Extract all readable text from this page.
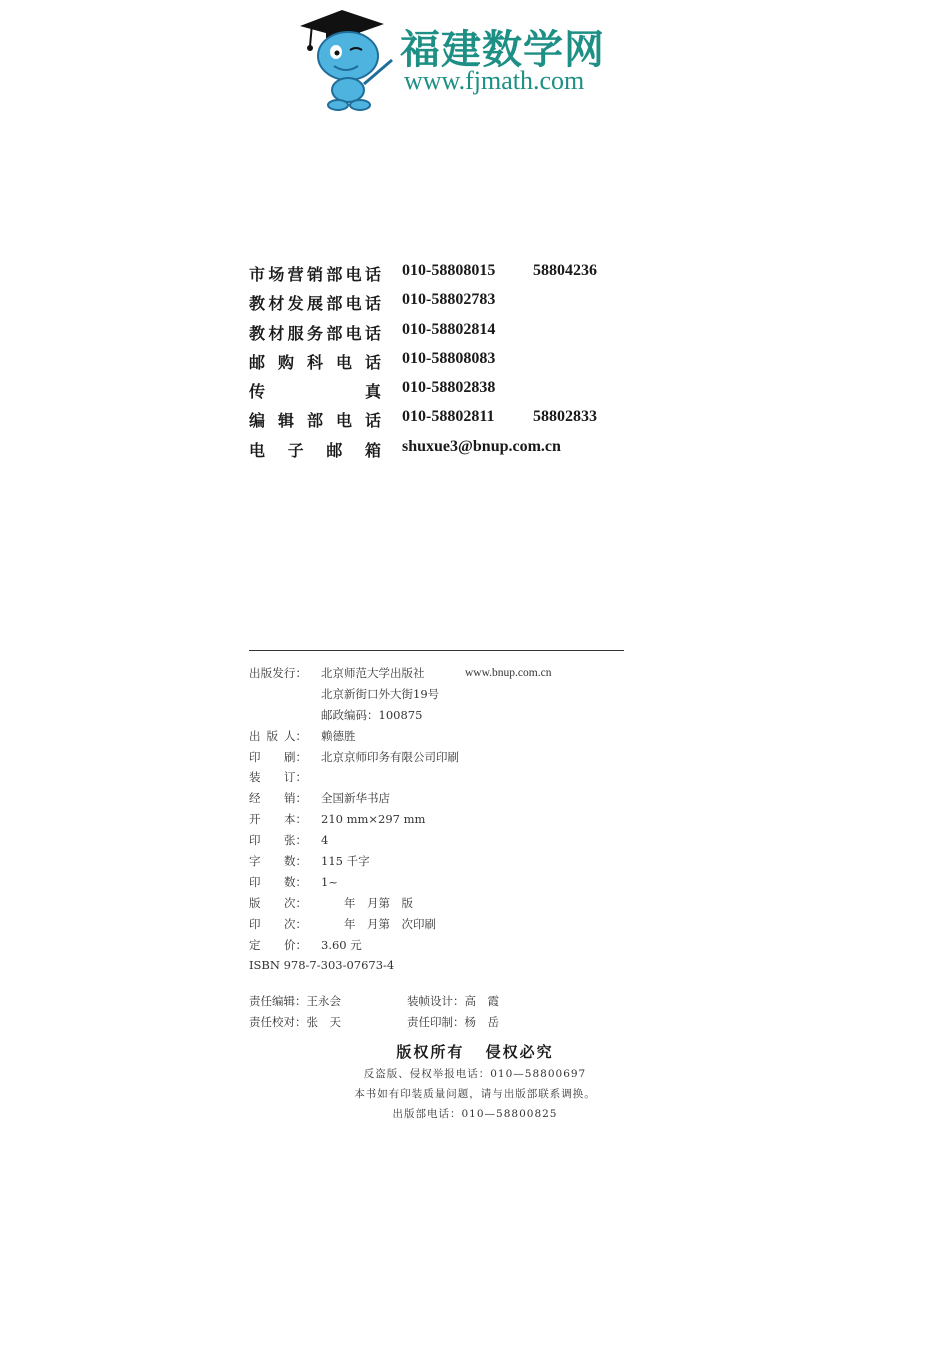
福建数学网
www.fjmath.com
市 场 营 销 部 电 话 010-58808015 58804236
教 材 发 展 部 电 话 010-58802783
教 材 服 务 部 电 话 010-58802814
邮 购 科 电 话 010-58808083
传	真 010-58802838
编 辑 部 电 话 010-58802811 58802833
电 子 邮 箱 shuxue3@bnup.com.cn
出 版 发 行 ： 北京师范大学出版社	www.bnup.com.cn
北京新街口外大街19号
邮政编码：100875
出 版 人： 赖德胜
印 刷： 北京京师印务有限公司印刷
装 订：
经 销： 全国新华书店
开 本： 210 mm×297 mm
印 张： 4
字 数： 115 千字
印 数： 1~
版 次： 　　年　月第　版
印 次： 　　年　月第　次印刷
定 价： 3.60 元
ISBN 978-7-303-07673-4
责任编辑：王永会	装帧设计：高　霞
责任校对：张　天	责任印制：杨　岳
版权所有 侵权必究
反盗版、侵权举报电话：010—58800697
本书如有印装质量问题，请与出版部联系调换。
出版部电话：010—58800825
